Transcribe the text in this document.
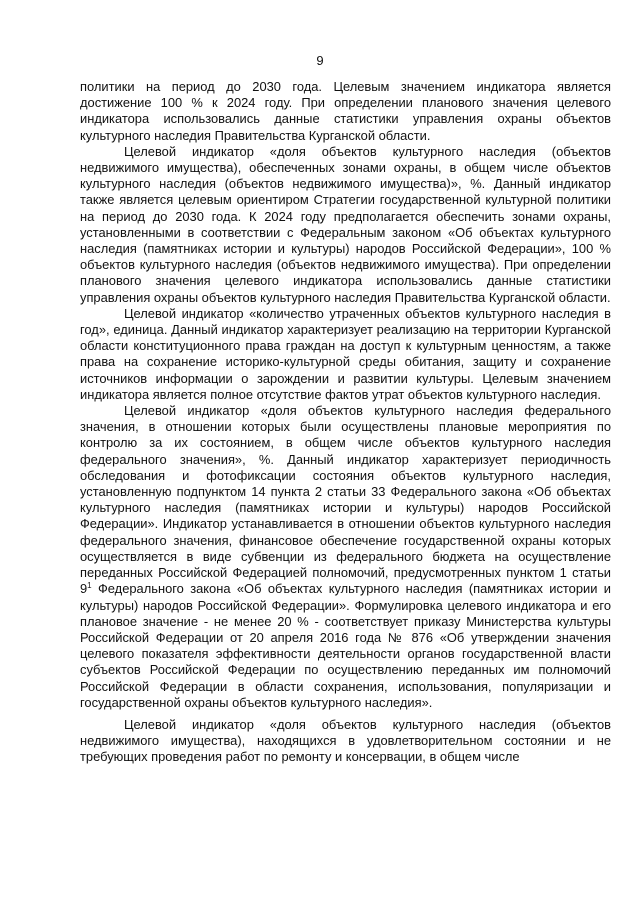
9

политики на период до 2030 года. Целевым значением индикатора является достижение 100 % к 2024 году. При определении планового значения целевого индикатора использовались данные статистики управления охраны объектов культурного наследия Правительства Курганской области.

Целевой индикатор «доля объектов культурного наследия (объектов недвижимого имущества), обеспеченных зонами охраны, в общем числе объектов культурного наследия (объектов недвижимого имущества)», %. Данный индикатор также является целевым ориентиром Стратегии государственной культурной политики на период до 2030 года. К 2024 году предполагается обеспечить зонами охраны, установленными в соответствии с Федеральным законом «Об объектах культурного наследия (памятниках истории и культуры) народов Российской Федерации», 100 % объектов культурного наследия (объектов недвижимого имущества). При определении планового значения целевого индикатора использовались данные статистики управления охраны объектов культурного наследия Правительства Курганской области.

Целевой индикатор «количество утраченных объектов культурного наследия в год», единица. Данный индикатор характеризует реализацию на территории Курганской области конституционного права граждан на доступ к культурным ценностям, а также права на сохранение историко-культурной среды обитания, защиту и сохранение источников информации о зарождении и развитии культуры. Целевым значением индикатора является полное отсутствие фактов утрат объектов культурного наследия.

Целевой индикатор «доля объектов культурного наследия федерального значения, в отношении которых были осуществлены плановые мероприятия по контролю за их состоянием, в общем числе объектов культурного наследия федерального значения», %. Данный индикатор характеризует периодичность обследования и фотофиксации состояния объектов культурного наследия, установленную подпунктом 14 пункта 2 статьи 33 Федерального закона «Об объектах культурного наследия (памятниках истории и культуры) народов Российской Федерации». Индикатор устанавливается в отношении объектов культурного наследия федерального значения, финансовое обеспечение государственной охраны которых осуществляется в виде субвенции из федерального бюджета на осуществление переданных Российской Федерацией полномочий, предусмотренных пунктом 1 статьи $9^1$ Федерального закона «Об объектах культурного наследия (памятниках истории и культуры) народов Российской Федерации». Формулировка целевого индикатора и его плановое значение - не менее 20 % - соответствует приказу Министерства культуры Российской Федерации от 20 апреля 2016 года № 876 «Об утверждении значения целевого показателя эффективности деятельности органов государственной власти субъектов Российской Федерации по осуществлению переданных им полномочий Российской Федерации в области сохранения, использования, популяризации и государственной охраны объектов культурного наследия».

Целевой индикатор «доля объектов культурного наследия (объектов недвижимого имущества), находящихся в удовлетворительном состоянии и не требующих проведения работ по ремонту и консервации, в общем числе
